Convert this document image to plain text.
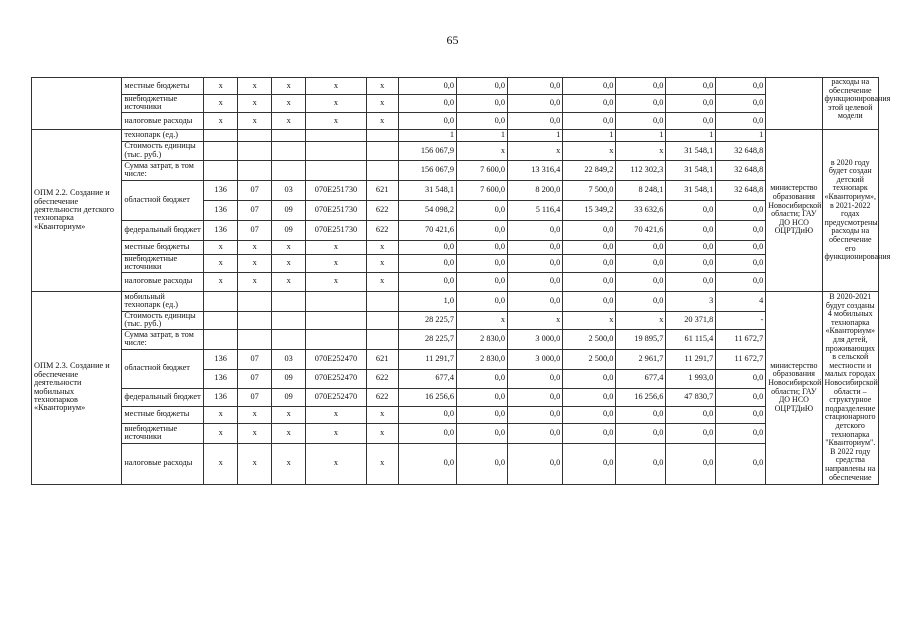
65
	местные бюджеты	х	х	х	х	х	0,0	0,0	0,0	0,0	0,0	0,0	0,0		расходы на обеспечение функционирования этой целевой модели
	внебюджетные источники	х	х	х	х	х	0,0	0,0	0,0	0,0	0,0	0,0	0,0		
	налоговые расходы	х	х	х	х	х	0,0	0,0	0,0	0,0	0,0	0,0	0,0		
ОПМ 2.2. Создание и обеспечение деятельности детского технопарка «Кванториум»	технопарк (ед.)						1	1	1	1	1	1	1	министерство образования Новосибирской области; ГАУ ДО НСО ОЦРТДиЮ	в 2020 году будет создан детский технопарк «Кванториум», в 2021-2022 годах предусмотрены расходы на обеспечение его функционирования
	Стоимость единицы (тыс. руб.)						156 067,9	х	х	х	х	31 548,1	32 648,8		
	Сумма затрат, в том числе:						156 067,9	7 600,0	13 316,4	22 849,2	112 302,3	31 548,1	32 648,8		
	областной бюджет	136	07	03	070E251730	621	31 548,1	7 600,0	8 200,0	7 500,0	8 248,1	31 548,1	32 648,8		
		136	07	09	070E251730	622	54 098,2	0,0	5 116,4	15 349,2	33 632,6	0,0	0,0		
	федеральный бюджет	136	07	09	070E251730	622	70 421,6	0,0	0,0	0,0	70 421,6	0,0	0,0		
	местные бюджеты	х	х	х	х	х	0,0	0,0	0,0	0,0	0,0	0,0	0,0		
	внебюджетные источники	х	х	х	х	х	0,0	0,0	0,0	0,0	0,0	0,0	0,0		
	налоговые расходы	х	х	х	х	х	0,0	0,0	0,0	0,0	0,0	0,0	0,0		
ОПМ 2.3. Создание и обеспечение деятельности мобильных технопарков «Кванториум»	мобильный технопарк (ед.)						1,0	0,0	0,0	0,0	0,0	3	4	министерство образования Новосибирской области; ГАУ ДО НСО ОЦРТДиЮ	В 2020-2021 будут созданы 4 мобильных технопарка «Кванториум» для детей, проживающих в сельской местности и малых городах Новосибирской области – структурное подразделение стационарного детского технопарка "Кванториум". В 2022 году средства направлены на обеспечение
	Стоимость единицы (тыс. руб.)						28 225,7	х	х	х	х	20 371,8	-		
	Сумма затрат, в том числе:						28 225,7	2 830,0	3 000,0	2 500,0	19 895,7	61 115,4	11 672,7		
	областной бюджет	136	07	03	070E252470	621	11 291,7	2 830,0	3 000,0	2 500,0	2 961,7	11 291,7	11 672,7		
		136	07	09	070E252470	622	677,4	0,0	0,0	0,0	677,4	1 993,0	0,0		
	федеральный бюджет	136	07	09	070E252470	622	16 256,6	0,0	0,0	0,0	16 256,6	47 830,7	0,0		
	местные бюджеты	х	х	х	х	х	0,0	0,0	0,0	0,0	0,0	0,0	0,0		
	внебюджетные источники	х	х	х	х	х	0,0	0,0	0,0	0,0	0,0	0,0	0,0		
	налоговые расходы	х	х	х	х	х	0,0	0,0	0,0	0,0	0,0	0,0	0,0		
